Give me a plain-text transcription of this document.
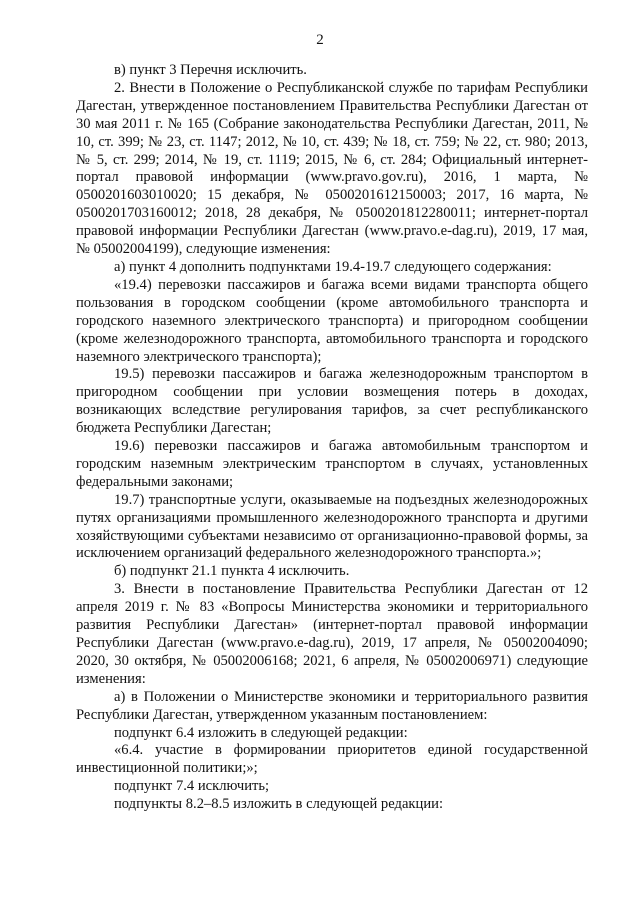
2

в) пункт 3 Перечня исключить.

2. Внести в Положение о Республиканской службе по тарифам Республики Дагестан, утвержденное постановлением Правительства Республики Дагестан от 30 мая 2011 г. № 165 (Собрание законодательства Республики Дагестан, 2011, № 10, ст. 399; № 23, ст. 1147; 2012, № 10, ст. 439; № 18, ст. 759; № 22, ст. 980; 2013, № 5, ст. 299; 2014, № 19, ст. 1119; 2015, № 6, ст. 284; Официальный интернет-портал правовой информации (www.pravo.gov.ru), 2016, 1 марта, № 0500201603010020; 15 декабря, № 0500201612150003; 2017, 16 марта, № 0500201703160012; 2018, 28 декабря, № 0500201812280011; интернет-портал правовой информации Республики Дагестан (www.pravo.e-dag.ru), 2019, 17 мая, № 05002004199), следующие изменения:

а) пункт 4 дополнить подпунктами 19.4-19.7 следующего содержания:

«19.4) перевозки пассажиров и багажа всеми видами транспорта общего пользования в городском сообщении (кроме автомобильного транспорта и городского наземного электрического транспорта) и пригородном сообщении (кроме железнодорожного транспорта, автомобильного транспорта и городского наземного электрического транспорта);

19.5) перевозки пассажиров и багажа железнодорожным транспортом в пригородном сообщении при условии возмещения потерь в доходах, возникающих вследствие регулирования тарифов, за счет республиканского бюджета Республики Дагестан;

19.6) перевозки пассажиров и багажа автомобильным транспортом и городским наземным электрическим транспортом в случаях, установленных федеральными законами;

19.7) транспортные услуги, оказываемые на подъездных железнодорожных путях организациями промышленного железнодорожного транспорта и другими хозяйствующими субъектами независимо от организационно-правовой формы, за исключением организаций федерального железнодорожного транспорта.»;

б) подпункт 21.1 пункта 4 исключить.

3. Внести в постановление Правительства Республики Дагестан от 12 апреля 2019 г. № 83 «Вопросы Министерства экономики и территориального развития Республики Дагестан» (интернет-портал правовой информации Республики Дагестан (www.pravo.e-dag.ru), 2019, 17 апреля, № 05002004090; 2020, 30 октября, № 05002006168; 2021, 6 апреля, № 05002006971) следующие изменения:

а) в Положении о Министерстве экономики и территориального развития Республики Дагестан, утвержденном указанным постановлением:

подпункт 6.4 изложить в следующей редакции:

«6.4. участие в формировании приоритетов единой государственной инвестиционной политики;»;

подпункт 7.4 исключить;

подпункты 8.2–8.5 изложить в следующей редакции:
